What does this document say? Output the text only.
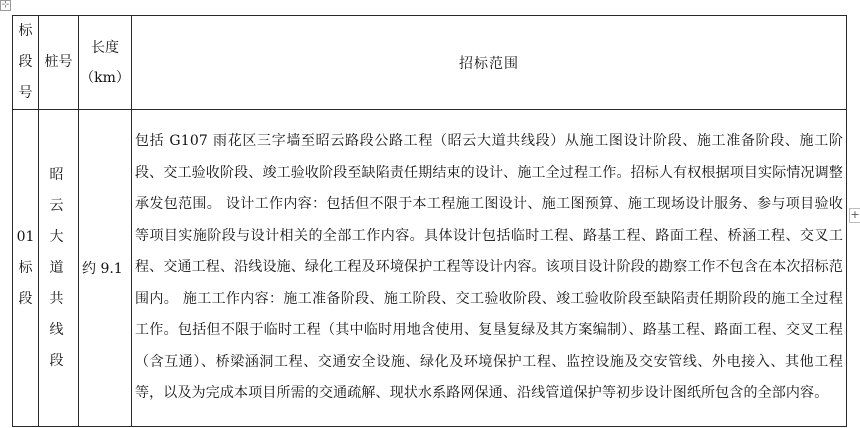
⊹
+
标段号	桩号	长度（km）	招标范围
01标段	昭云大道共线段	约 9.1	包括 G107 雨花区三字墙至昭云路段公路工程（昭云大道共线段）从施工图设计阶段、施工准备阶段、施工阶段、交工验收阶段、竣工验收阶段至缺陷责任期结束的设计、施工全过程工作。招标人有权根据项目实际情况调整承发包范围。 设计工作内容：包括但不限于本工程施工图设计、施工图预算、施工现场设计服务、参与项目验收等项目实施阶段与设计相关的全部工作内容。具体设计包括临时工程、路基工程、路面工程、桥涵工程、交叉工程、交通工程、沿线设施、绿化工程及环境保护工程等设计内容。该项目设计阶段的勘察工作不包含在本次招标范围内。 施工工作内容：施工准备阶段、施工阶段、交工验收阶段、竣工验收阶段至缺陷责任期阶段的施工全过程工作。包括但不限于临时工程（其中临时用地含使用、复垦复绿及其方案编制）、路基工程、路面工程、交叉工程（含互通）、桥梁涵洞工程、交通安全设施、绿化及环境保护工程、监控设施及交安管线、外电接入、其他工程等，以及为完成本项目所需的交通疏解、现状水系路网保通、沿线管道保护等初步设计图纸所包含的全部内容。
